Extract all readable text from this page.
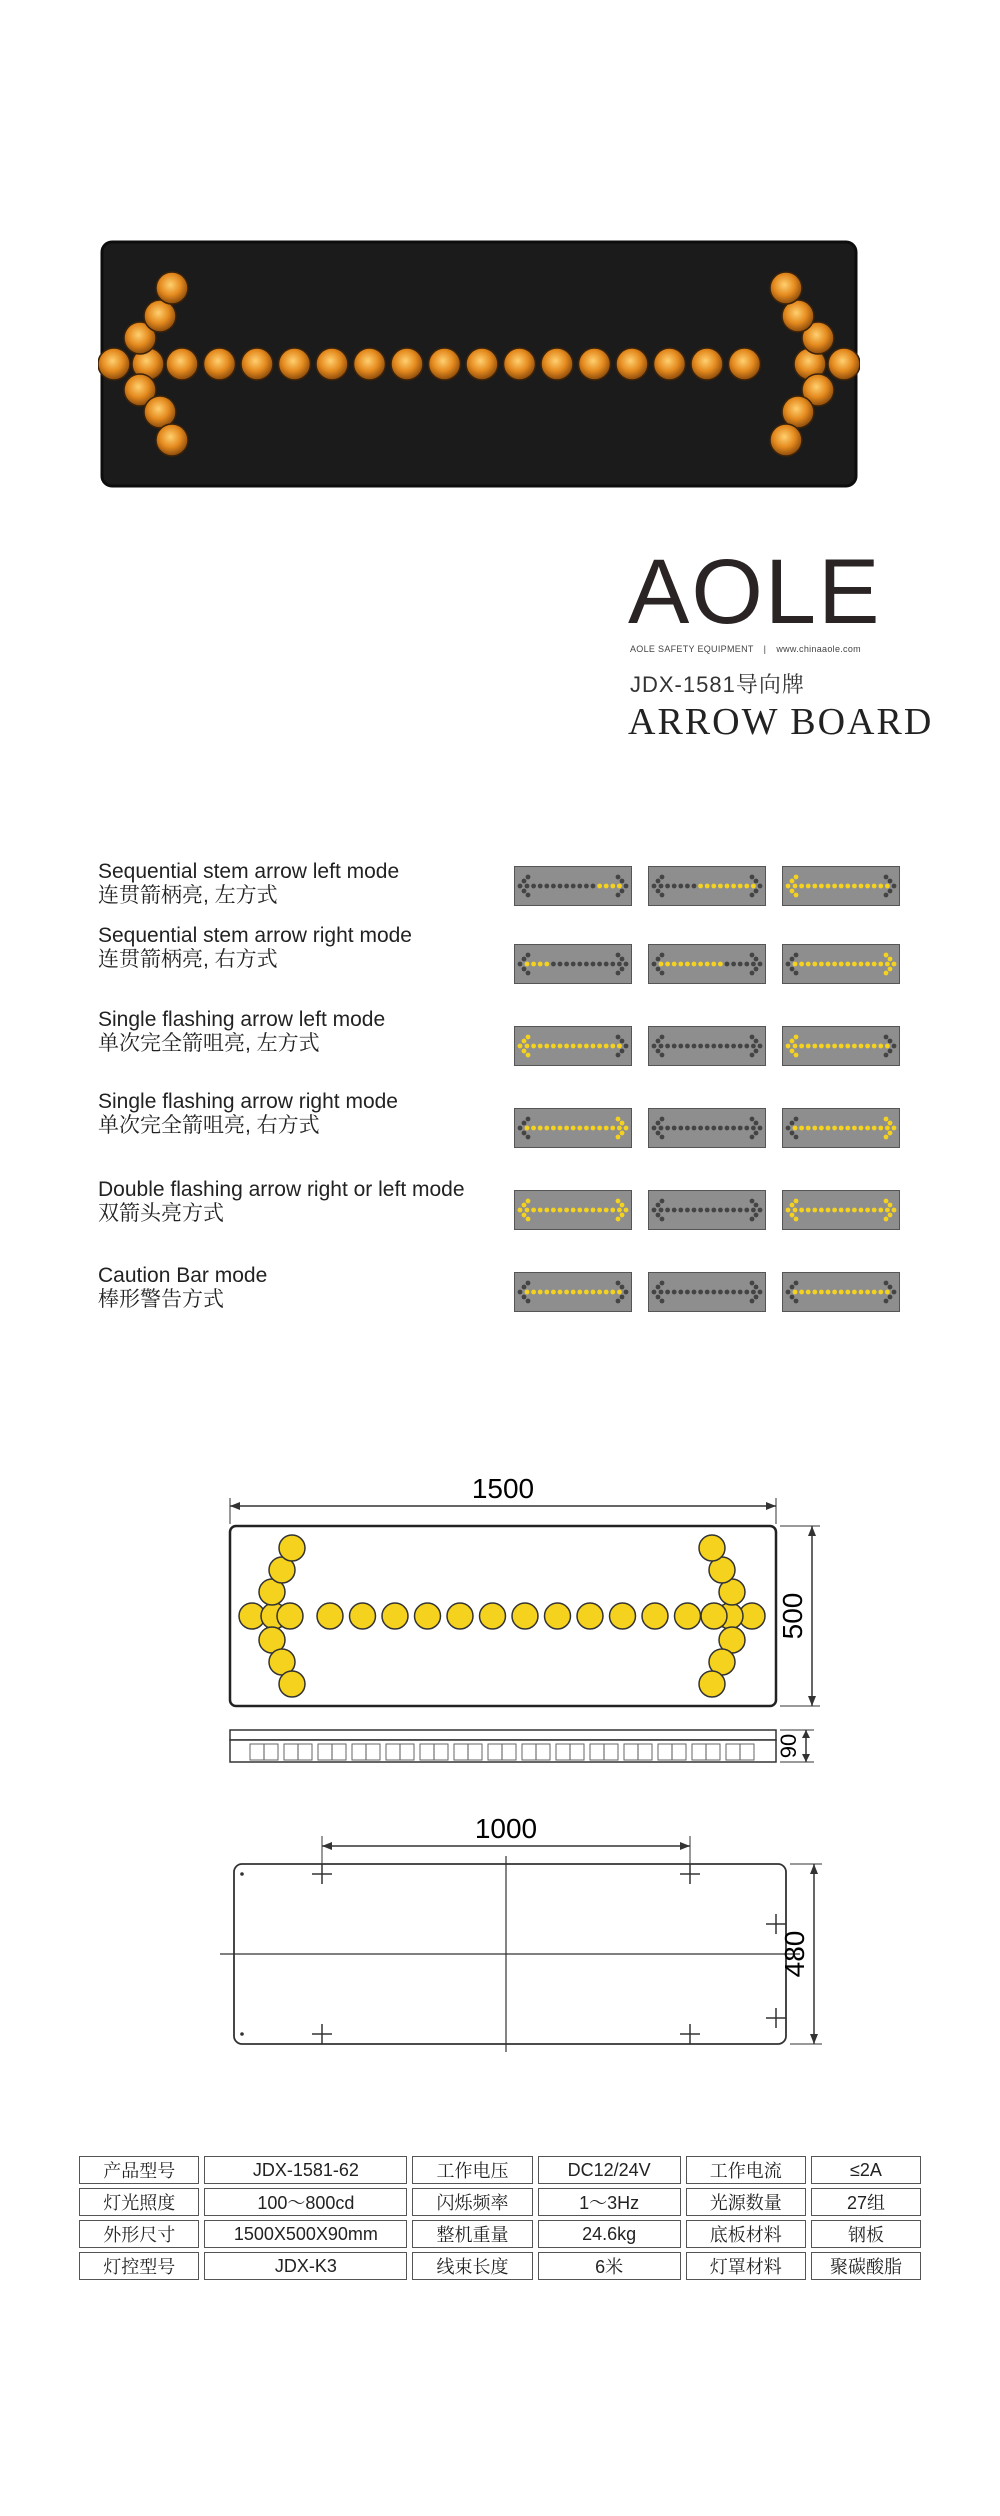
AOLE
AOLE SAFETY EQUIPMENT | www.chinaaole.com
JDX-1581导向牌
ARROW BOARD
Sequential stem arrow left mode
连贯箭柄亮, 左方式
Sequential stem arrow right mode
连贯箭柄亮, 右方式
Single flashing arrow left mode
单次完全箭咀亮, 左方式
Single flashing arrow right mode
单次完全箭咀亮, 右方式
Double flashing arrow right or left mode
双箭头亮方式
Caution Bar mode
棒形警告方式
1500
500
90
1000
480
产品型号	JDX-1581-62	工作电压	DC12/24V	工作电流	≤2A
灯光照度	100～800cd	闪烁频率	1～3Hz	光源数量	27组
外形尺寸	1500X500X90mm	整机重量	24.6kg	底板材料	钢板
灯控型号	JDX-K3	线束长度	6米	灯罩材料	聚碳酸脂
